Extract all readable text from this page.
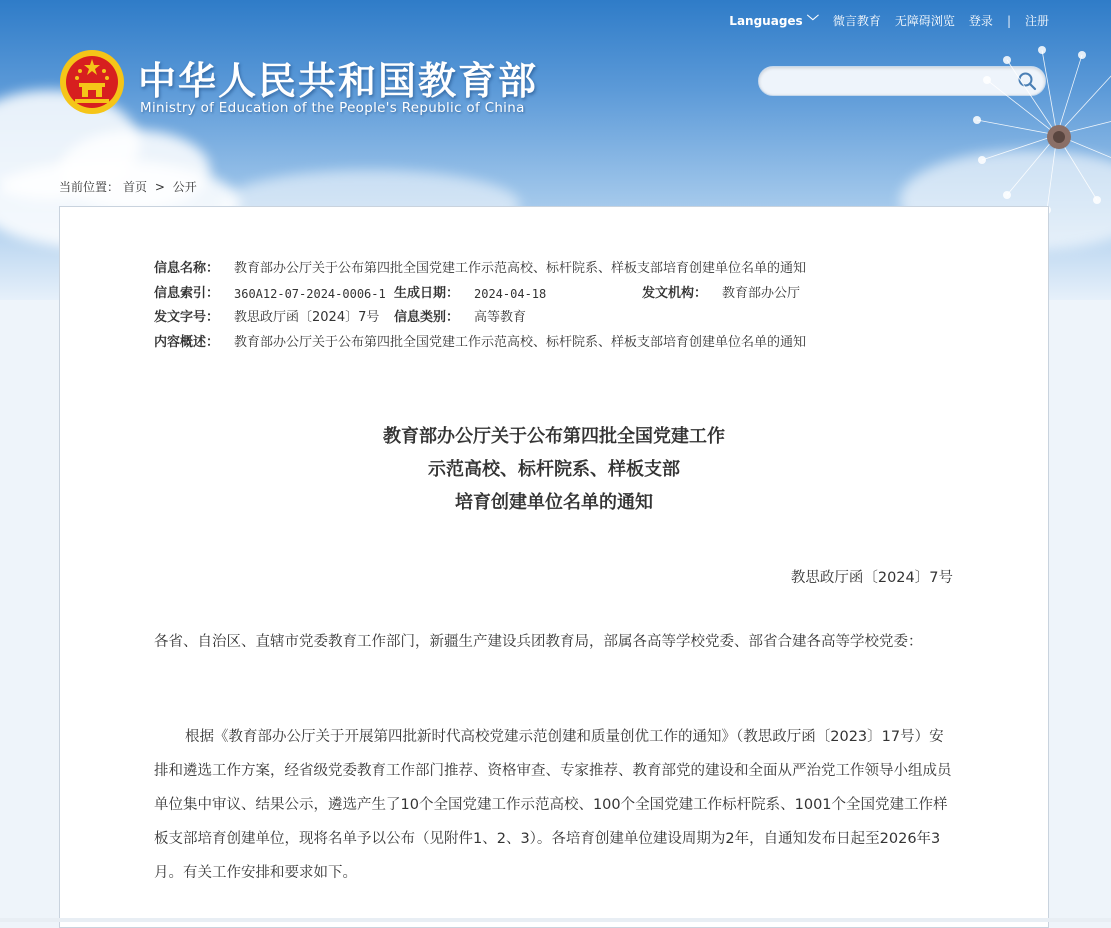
Languages ﹀ 微言教育 无障碍浏览 登录 | 注册
中华人民共和国教育部
Ministry of Education of the People's Republic of China
当前位置： 首页 > 公开
信息名称： 教育部办公厅关于公布第四批全国党建工作示范高校、标杆院系、样板支部培育创建单位名单的通知
信息索引： 360A12-07-2024-0006-1 生成日期： 2024-04-18	发文机构： 教育部办公厅
发文字号： 教思政厅函〔2024〕7号 信息类别： 高等教育
内容概述： 教育部办公厅关于公布第四批全国党建工作示范高校、标杆院系、样板支部培育创建单位名单的通知
教育部办公厅关于公布第四批全国党建工作
示范高校、标杆院系、样板支部
培育创建单位名单的通知
教思政厅函〔2024〕7号
各省、自治区、直辖市党委教育工作部门，新疆生产建设兵团教育局，部属各高等学校党委、部省合建各高等学校党委：
根据《教育部办公厅关于开展第四批新时代高校党建示范创建和质量创优工作的通知》（教思政厅函〔2023〕17号）安排和遴选工作方案，经省级党委教育工作部门推荐、资格审查、专家推荐、教育部党的建设和全面从严治党工作领导小组成员单位集中审议、结果公示，遴选产生了10个全国党建工作示范高校、100个全国党建工作标杆院系、1001个全国党建工作样板支部培育创建单位，现将名单予以公布（见附件1、2、3）。各培育创建单位建设周期为2年，自通知发布日起至2026年3月。有关工作安排和要求如下。
